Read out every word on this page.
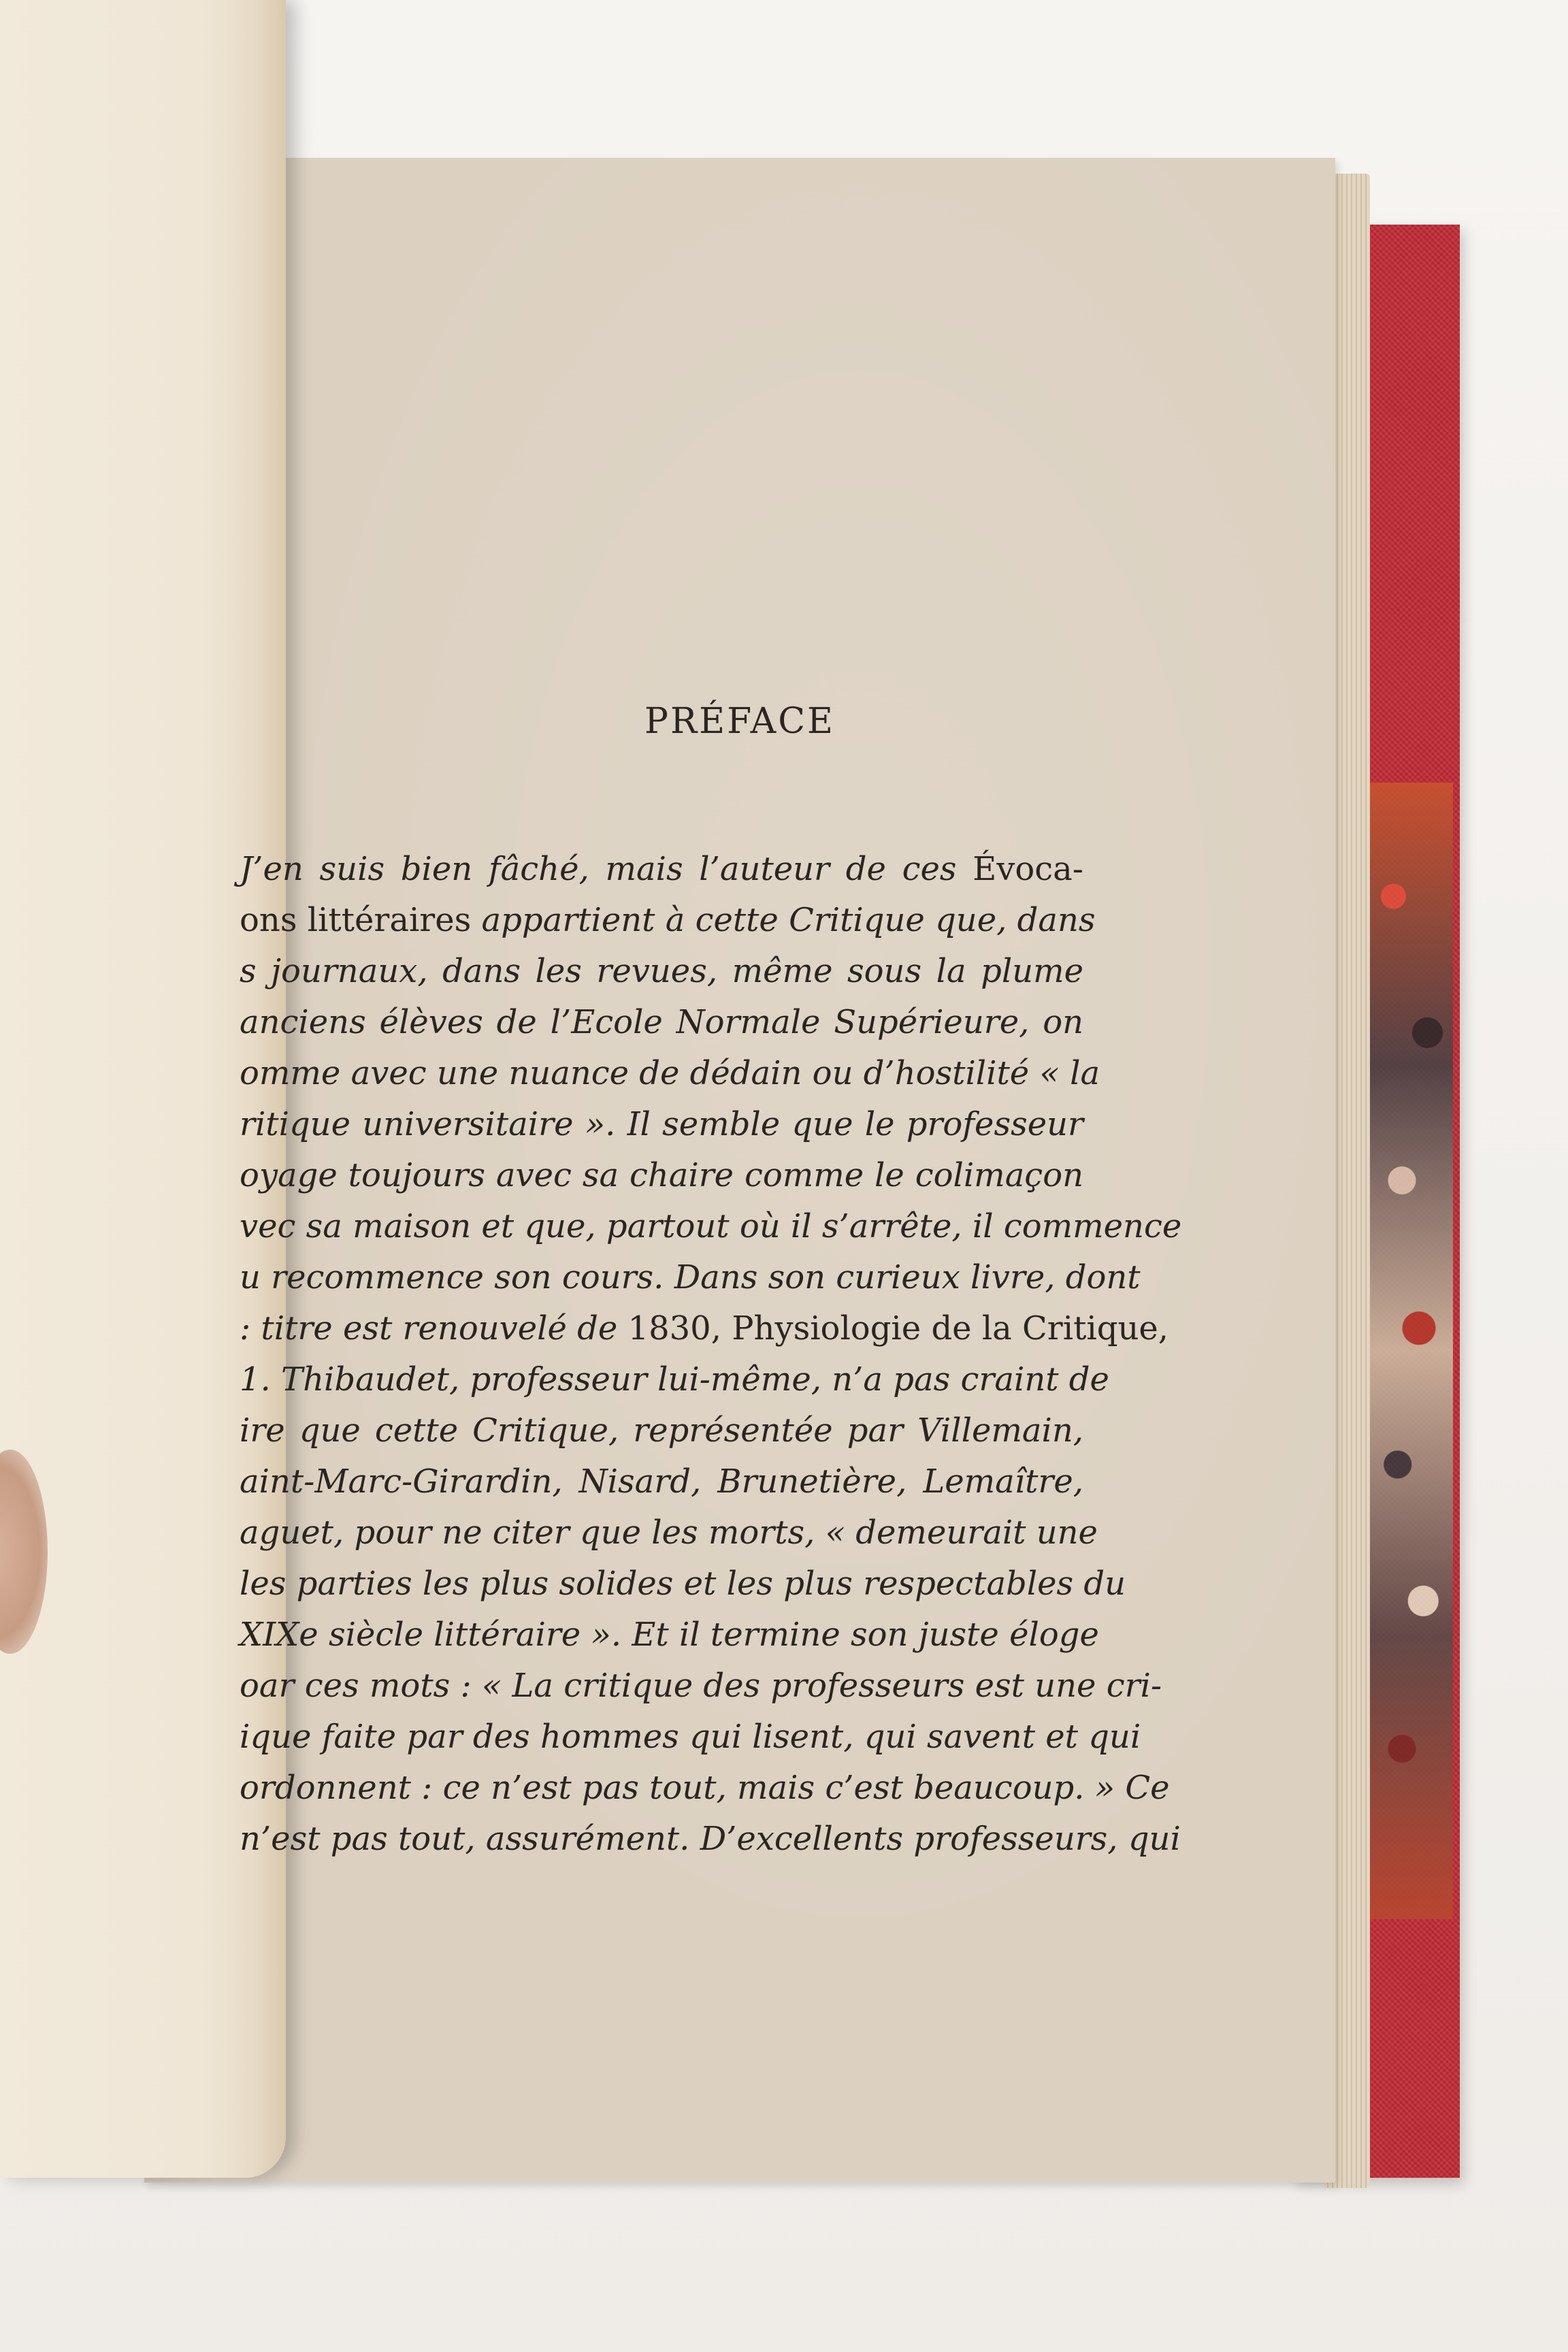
PRÉFACE
J’en suis bien fâché, mais l’auteur de ces Évoca-
ons littéraires appartient à cette Critique que, dans
s journaux, dans les revues, même sous la plume
anciens élèves de l’Ecole Normale Supérieure, on
omme avec une nuance de dédain ou d’hostilité « la
ritique universitaire ». Il semble que le professeur
oyage toujours avec sa chaire comme le colimaçon
vec sa maison et que, partout où il s’arrête, il commence
u recommence son cours. Dans son curieux livre, dont
: titre est renouvelé de 1830, Physiologie de la Critique,
1. Thibaudet, professeur lui-même, n’a pas craint de
ire que cette Critique, représentée par Villemain,
aint-Marc-Girardin, Nisard, Brunetière, Lemaître,
aguet, pour ne citer que les morts, « demeurait une
les parties les plus solides et les plus respectables du
XIXe siècle littéraire ». Et il termine son juste éloge
oar ces mots : « La critique des professeurs est une cri-
ique faite par des hommes qui lisent, qui savent et qui
ordonnent : ce n’est pas tout, mais c’est beaucoup. » Ce
n’est pas tout, assurément. D’excellents professeurs, qui
